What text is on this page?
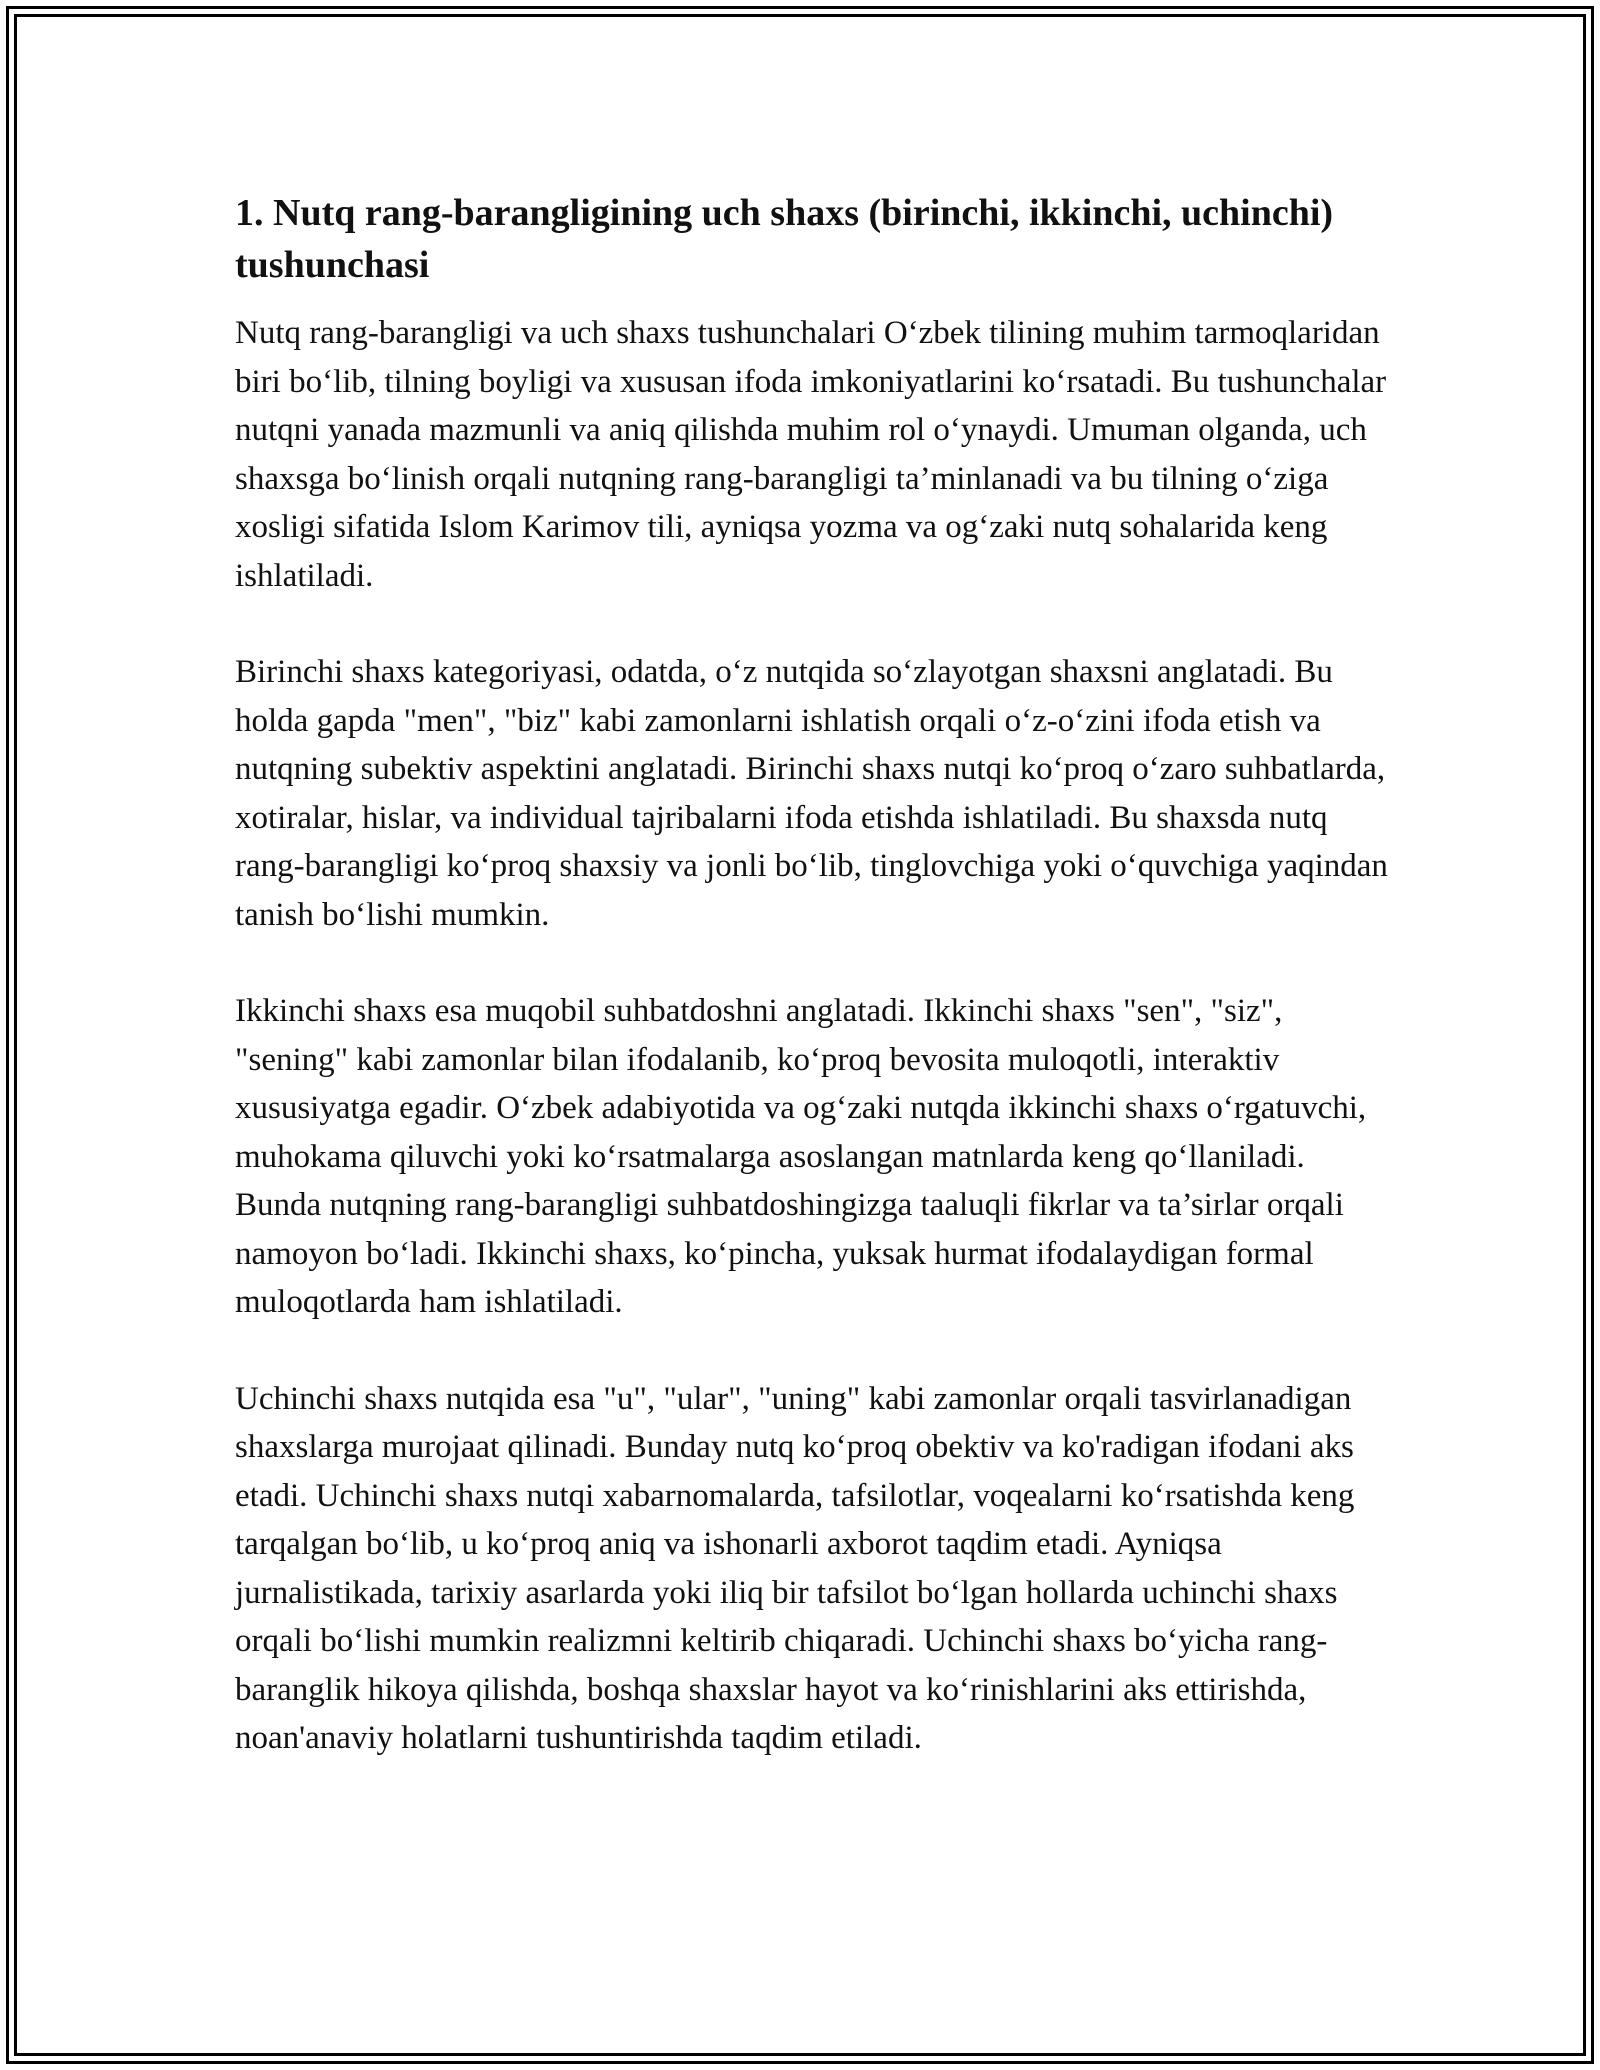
1. Nutq rang-barangligining uch shaxs (birinchi, ikkinchi, uchinchi) tushunchasi

Nutq rang-barangligi va uch shaxs tushunchalari O‘zbek tilining muhim tarmoqlaridan biri bo‘lib, tilning boyligi va xususan ifoda imkoniyatlarini ko‘rsatadi. Bu tushunchalar nutqni yanada mazmunli va aniq qilishda muhim rol o‘ynaydi. Umuman olganda, uch shaxsga bo‘linish orqali nutqning rang-barangligi ta’minlanadi va bu tilning o‘ziga xosligi sifatida Islom Karimov tili, ayniqsa yozma va og‘zaki nutq sohalarida keng ishlatiladi.

Birinchi shaxs kategoriyasi, odatda, o‘z nutqida so‘zlayotgan shaxsni anglatadi. Bu holda gapda "men", "biz" kabi zamonlarni ishlatish orqali o‘z-o‘zini ifoda etish va nutqning subektiv aspektini anglatadi. Birinchi shaxs nutqi ko‘proq o‘zaro suhbatlarda, xotiralar, hislar, va individual tajribalarni ifoda etishda ishlatiladi. Bu shaxsda nutq rang-barangligi ko‘proq shaxsiy va jonli bo‘lib, tinglovchiga yoki o‘quvchiga yaqindan tanish bo‘lishi mumkin.

Ikkinchi shaxs esa muqobil suhbatdoshni anglatadi. Ikkinchi shaxs "sen", "siz", "sening" kabi zamonlar bilan ifodalanib, ko‘proq bevosita muloqotli, interaktiv xususiyatga egadir. O‘zbek adabiyotida va og‘zaki nutqda ikkinchi shaxs o‘rgatuvchi, muhokama qiluvchi yoki ko‘rsatmalarga asoslangan matnlarda keng qo‘llaniladi. Bunda nutqning rang-barangligi suhbatdoshingizga taaluqli fikrlar va ta’sirlar orqali namoyon bo‘ladi. Ikkinchi shaxs, ko‘pincha, yuksak hurmat ifodalaydigan formal muloqotlarda ham ishlatiladi.

Uchinchi shaxs nutqida esa "u", "ular", "uning" kabi zamonlar orqali tasvirlanadigan shaxslarga murojaat qilinadi. Bunday nutq ko‘proq obektiv va ko'radigan ifodani aks etadi. Uchinchi shaxs nutqi xabarnomalarda, tafsilotlar, voqealarni ko‘rsatishda keng tarqalgan bo‘lib, u ko‘proq aniq va ishonarli axborot taqdim etadi. Ayniqsa jurnalistikada, tarixiy asarlarda yoki iliq bir tafsilot bo‘lgan hollarda uchinchi shaxs orqali bo‘lishi mumkin realizmni keltirib chiqaradi. Uchinchi shaxs bo‘yicha rang-baranglik hikoya qilishda, boshqa shaxslar hayot va ko‘rinishlarini aks ettirishda, noan'anaviy holatlarni tushuntirishda taqdim etiladi.
